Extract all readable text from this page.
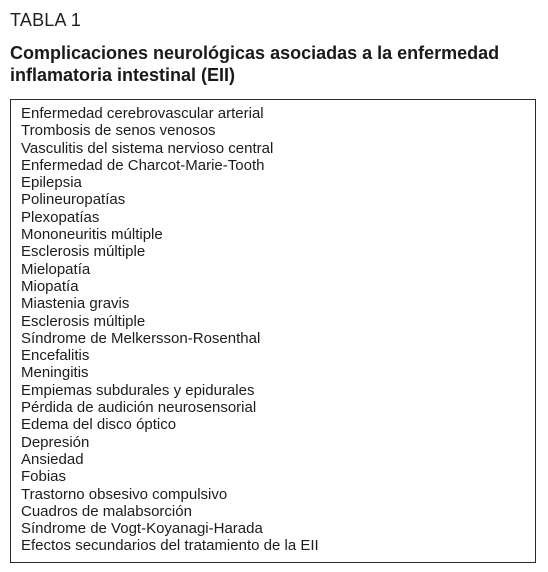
TABLA 1
Complicaciones neurológicas asociadas a la enfermedad inflamatoria intestinal (EII)
Enfermedad cerebrovascular arterial
Trombosis de senos venosos
Vasculitis del sistema nervioso central
Enfermedad de Charcot-Marie-Tooth
Epilepsia
Polineuropatías
Plexopatías
Mononeuritis múltiple
Esclerosis múltiple
Mielopatía
Miopatía
Miastenia gravis
Esclerosis múltiple
Síndrome de Melkersson-Rosenthal
Encefalitis
Meningitis
Empiemas subdurales y epidurales
Pérdida de audición neurosensorial
Edema del disco óptico
Depresión
Ansiedad
Fobias
Trastorno obsesivo compulsivo
Cuadros de malabsorción
Síndrome de Vogt-Koyanagi-Harada
Efectos secundarios del tratamiento de la EII
